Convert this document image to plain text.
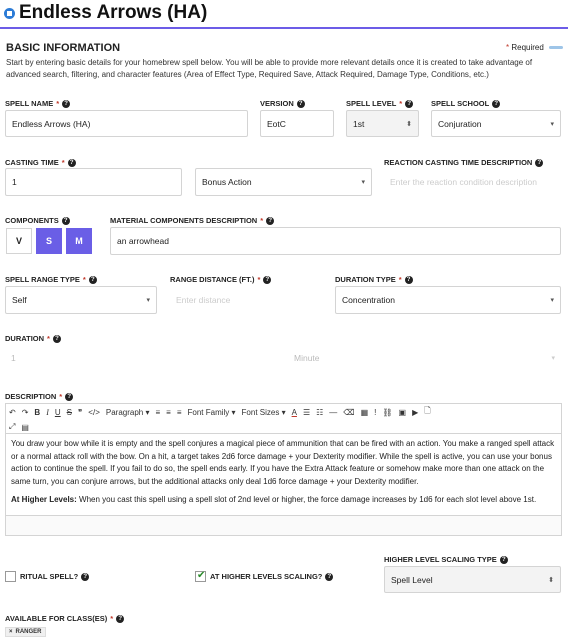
Endless Arrows (HA)
BASIC INFORMATION	* Required
Start by entering basic details for your homebrew spell below. You will be able to provide more relevant details once it is created to take advantage of advanced search, filtering, and character features (Area of Effect Type, Required Save, Attack Required, Damage Type, Conditions, etc.)
SPELL NAME * ?
Endless Arrows (HA)
VERSION ?
EotC
SPELL LEVEL * ?
1st	⬍
SPELL SCHOOL ?
Conjuration	▾
CASTING TIME * ?
1	Bonus Action	▾
REACTION CASTING TIME DESCRIPTION ?
Enter the reaction condition description
COMPONENTS ?
V	S	M
MATERIAL COMPONENTS DESCRIPTION * ?
an arrowhead
SPELL RANGE TYPE * ?
Self	▾
RANGE DISTANCE (FT.) * ?
Enter distance
DURATION TYPE * ?
Concentration	▾
DURATION * ?
1	Minute	▾
DESCRIPTION * ?
↶ ↷ B I U S ❞ </> Paragraph ▾ ≡ ≡ ≡ Font Family ▾ Font Sizes ▾ A ☰ ☷ — ⌫ ▦ ! ⛓ ▣ ▶ 🗋
⤢ ▤

You draw your bow while it is empty and the spell conjures a magical piece of ammunition that can be fired with an action. You make a ranged spell attack or a normal attack roll with the bow. On a hit, a target takes 2d6 force damage + your Dexterity modifier. While the spell is active, you can use your bonus action to continue the spell. If you fail to do so, the spell ends early. If you have the Extra Attack feature or somehow make more than one attack on the same turn, you can conjure arrows, but the additional attacks only deal 1d6 force damage + your Dexterity modifier.

At Higher Levels: When you cast this spell using a spell slot of 2nd level or higher, the force damage increases by 1d6 for each slot level above 1st.

RITUAL SPELL? ?
✔	AT HIGHER LEVELS SCALING? ?
HIGHER LEVEL SCALING TYPE ?
Spell Level	⬍
AVAILABLE FOR CLASS(ES) * ?
× RANGER
